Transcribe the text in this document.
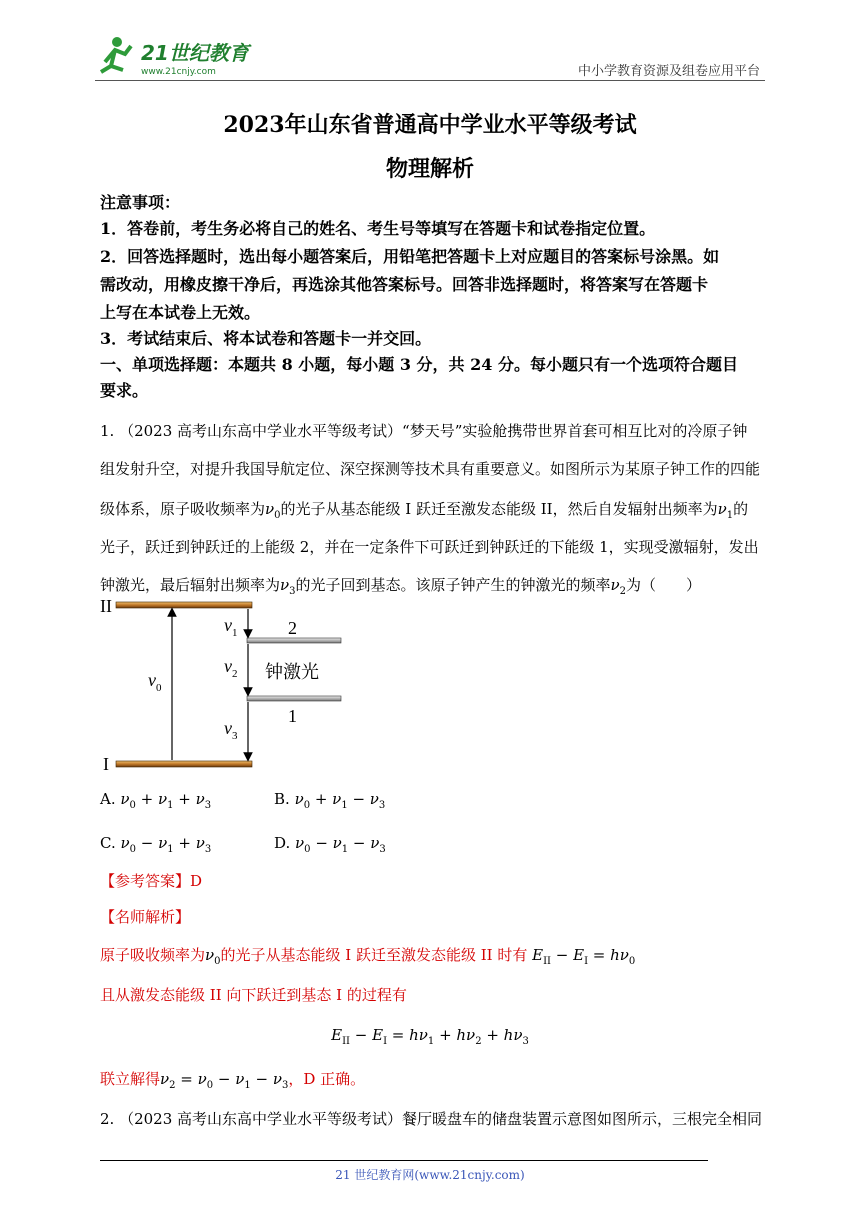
21世纪教育
www.21cnjy.com	中小学教育资源及组卷应用平台
2023年山东省普通高中学业水平等级考试
物理解析
注意事项：
1．答卷前，考生务必将自己的姓名、考生号等填写在答题卡和试卷指定位置。
2．回答选择题时，选出每小题答案后，用铅笔把答题卡上对应题目的答案标号涂黑。如
需改动，用橡皮擦干净后，再选涂其他答案标号。回答非选择题时，将答案写在答题卡
上写在本试卷上无效。
3．考试结束后、将本试卷和答题卡一并交回。
一、单项选择题：本题共 8 小题，每小题 3 分，共 24 分。每小题只有一个选项符合题目
要求。
1. （2023 高考山东高中学业水平等级考试）“梦天号”实验舱携带世界首套可相互比对的冷原子钟
组发射升空，对提升我国导航定位、深空探测等技术具有重要意义。如图所示为某原子钟工作的四能
级体系，原子吸收频率为$\nu_0$的光子从基态能级 I 跃迁至激发态能级 II，然后自发辐射出频率为$\nu_1$的
光子，跃迁到钟跃迁的上能级 2，并在一定条件下可跃迁到钟跃迁的下能级 1，实现受激辐射，发出
钟激光，最后辐射出频率为$\nu_3$的光子回到基态。该原子钟产生的钟激光的频率$\nu_2$为（　　）
II
I
2
1
钟激光
$\nu_0$
$\nu_1$
$\nu_2$
$\nu_3$
A. $\nu_0 + \nu_1 + \nu_3$	B. $\nu_0 + \nu_1 - \nu_3$
C. $\nu_0 - \nu_1 + \nu_3$	D. $\nu_0 - \nu_1 - \nu_3$
【参考答案】D
【名师解析】
原子吸收频率为$\nu_0$的光子从基态能级 I 跃迁至激发态能级 II 时有 $E_{II} - E_I = h\nu_0$
且从激发态能级 II 向下跃迁到基态 I 的过程有
$E_{II} - E_I = h\nu_1 + h\nu_2 + h\nu_3$
联立解得$\nu_2 = \nu_0 - \nu_1 - \nu_3$，D 正确。
2. （2023 高考山东高中学业水平等级考试）餐厅暖盘车的储盘装置示意图如图所示，三根完全相同
21 世纪教育网(www.21cnjy.com)
